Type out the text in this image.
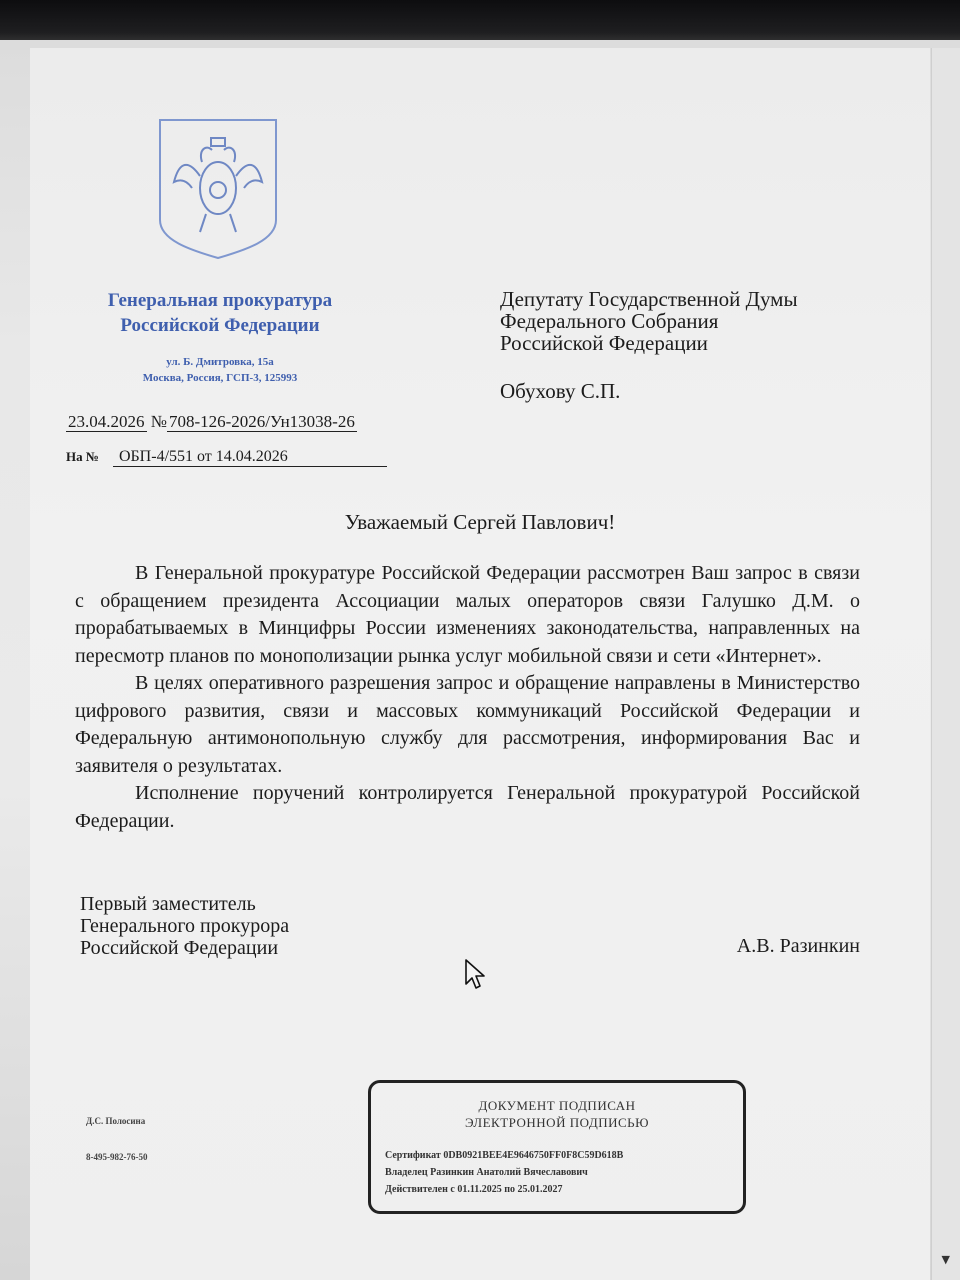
Генеральная прокуратура
Российской Федерации
ул. Б. Дмитровка, 15а
Москва, Россия, ГСП-3, 125993
Депутату Государственной Думы
Федерального Собрания
Российской Федерации
Обухову С.П.
23.04.2026 № 708-126-2026/Ун13038-26
На № ОБП-4/551 от 14.04.2026
Уважаемый Сергей Павлович!

В Генеральной прокуратуре Российской Федерации рассмотрен Ваш запрос в связи с обращением президента Ассоциации малых операторов связи Галушко Д.М. о прорабатываемых в Минцифры России изменениях законодательства, направленных на пересмотр планов по монополизации рынка услуг мобильной связи и сети «Интернет».

В целях оперативного разрешения запрос и обращение направлены в Министерство цифрового развития, связи и массовых коммуникаций Российской Федерации и Федеральную антимонопольную службу для рассмотрения, информирования Вас и заявителя о результатах.

Исполнение поручений контролируется Генеральной прокуратурой Российской Федерации.

Первый заместитель
Генерального прокурора
Российской Федерации	А.В. Разинкин
Д.С. Полосина
8-495-982-76-50
ДОКУМЕНТ ПОДПИСАН
ЭЛЕКТРОННОЙ ПОДПИСЬЮ
Сертификат 0DB0921BEE4E9646750FF0F8C59D618B
Владелец Разинкин Анатолий Вячеславович
Действителен с 01.11.2025 по 25.01.2027
▼
